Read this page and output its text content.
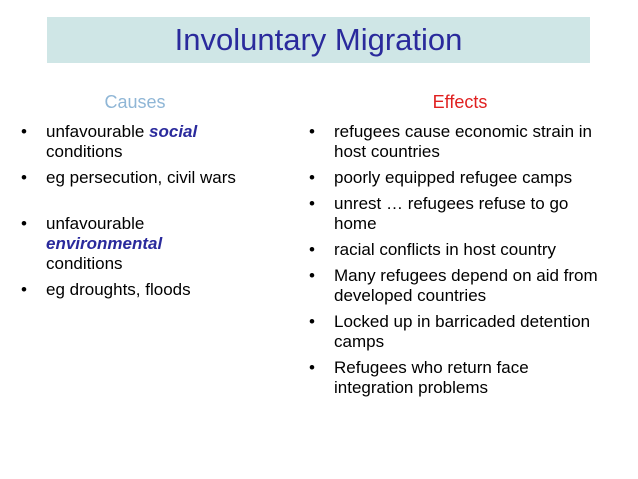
Involuntary Migration
Causes	Effects
• unfavourable social
conditions
• eg persecution, civil wars
• unfavourable
environmental
conditions
• eg droughts, floods
• refugees cause economic strain in host countries
• poorly equipped refugee camps
• unrest … refugees refuse to go home
• racial conflicts in host country
• Many refugees depend on aid from developed countries
• Locked up in barricaded detention camps
• Refugees who return face integration problems
